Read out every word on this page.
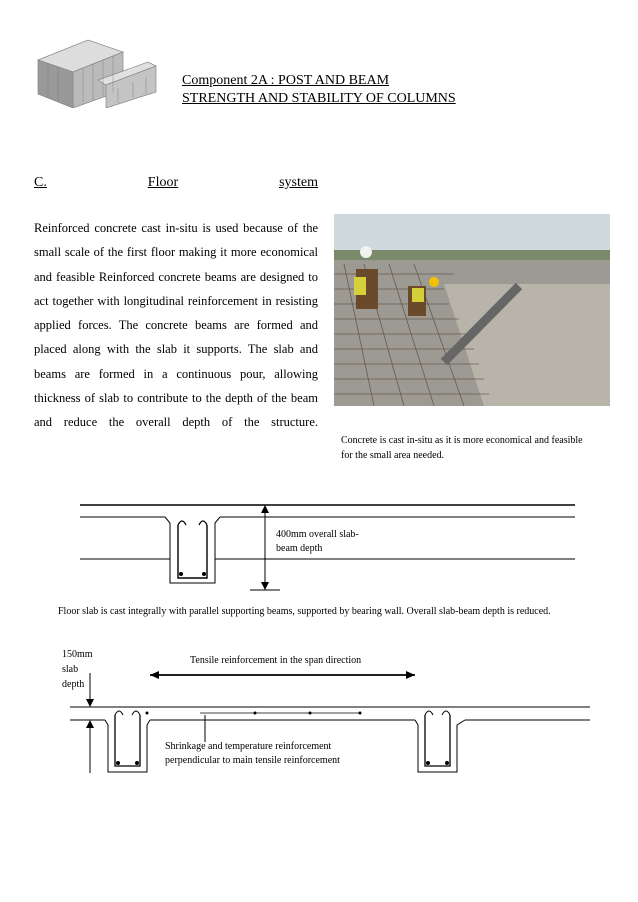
Component 2A : POST AND BEAM
STRENGTH AND STABILITY OF COLUMNS
C.	Floor	system
Reinforced concrete cast in-situ is used because of the small scale of the first floor making it more economical and feasible Reinforced concrete beams are designed to act together with longitudinal reinforcement in resisting applied forces. The concrete beams are formed and placed along with the slab it supports. The slab and beams are formed in a continuous pour, allowing thickness of slab to contribute to the depth of the beam and reduce the overall depth of the structure.
Concrete is cast in-situ as it is more economical and feasible for the small area needed.
400mm overall slab-
beam depth
Floor slab is cast integrally with parallel supporting beams, supported by bearing wall. Overall slab-beam depth is reduced.
150mm
slab
depth
Tensile reinforcement in the span direction
Shrinkage and temperature reinforcement
perpendicular to main tensile reinforcement
